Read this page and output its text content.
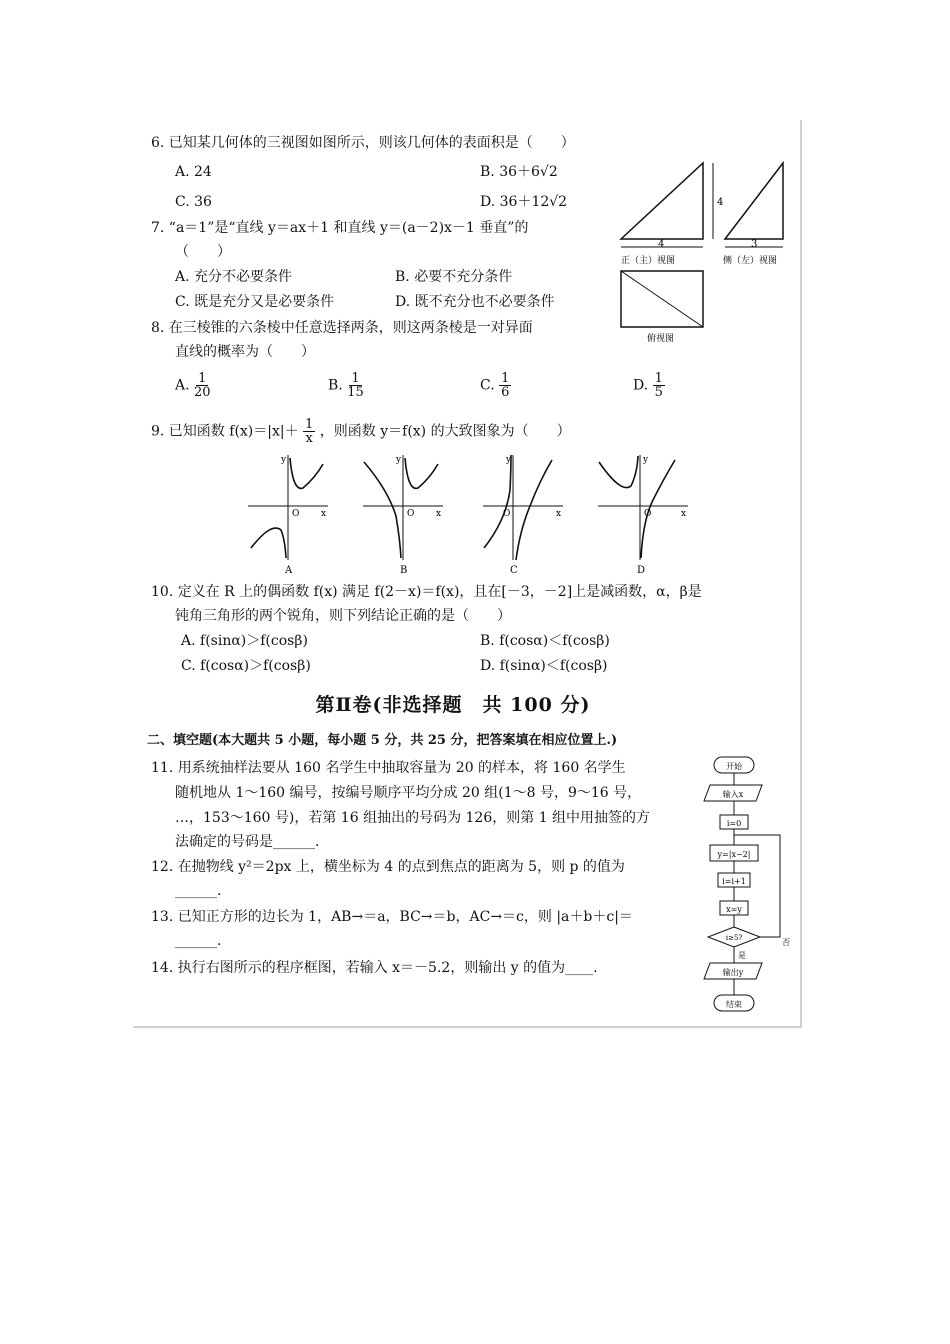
6. 已知某几何体的三视图如图所示，则该几何体的表面积是（　　）
A. 24	B. 36＋6√2
C. 36	D. 36＋12√2
7. “a＝1”是“直线 y＝ax＋1 和直线 y＝(a－2)x－1 垂直”的
（　　）
A. 充分不必要条件	B. 必要不充分条件
C. 既是充分又是必要条件	D. 既不充分也不必要条件
8. 在三棱锥的六条棱中任意选择两条，则这两条棱是一对异面
直线的概率为（　　）
A. $\frac{1}{20}$	B. $\frac{1}{15}$	C. $\frac{1}{6}$	D. $\frac{1}{5}$
4
4	3
正（主）视图	侧（左）视图
俯视图
9. 已知函数 $f(x)=|x|+ \frac{1}{x}$ ，则函数 y＝f(x) 的大致图象为（　　）
y
x
O
A
y
x
O
B
y
x
O
C
y
x
O
D
10. 定义在 R 上的偶函数 f(x) 满足 f(2－x)＝f(x)，且在[－3，－2]上是减函数，α，β是
钝角三角形的两个锐角，则下列结论正确的是（　　）
A. f(sinα)＞f(cosβ)	B. f(cosα)＜f(cosβ)
C. f(cosα)＞f(cosβ)	D. f(sinα)＜f(cosβ)
第Ⅱ卷(非选择题　共 100 分)
二、填空题(本大题共 5 小题，每小题 5 分，共 25 分，把答案填在相应位置上.)
11. 用系统抽样法要从 160 名学生中抽取容量为 20 的样本，将 160 名学生
随机地从 1～160 编号，按编号顺序平均分成 20 组(1～8 号，9～16 号，
…，153～160 号)，若第 16 组抽出的号码为 126，则第 1 组中用抽签的方
法确定的号码是______.
12. 在抛物线 y²＝2px 上，横坐标为 4 的点到焦点的距离为 5，则 p 的值为
______.
13. 已知正方形的边长为 1，AB→＝a，BC→＝b，AC→＝c，则 |a＋b＋c|＝
______.
14. 执行右图所示的程序框图，若输入 x＝－5.2，则输出 y 的值为____.
开始
输入x
i=0
y=|x−2|
i=i+1
x=y
i≥5?	否
是
输出y
结束
